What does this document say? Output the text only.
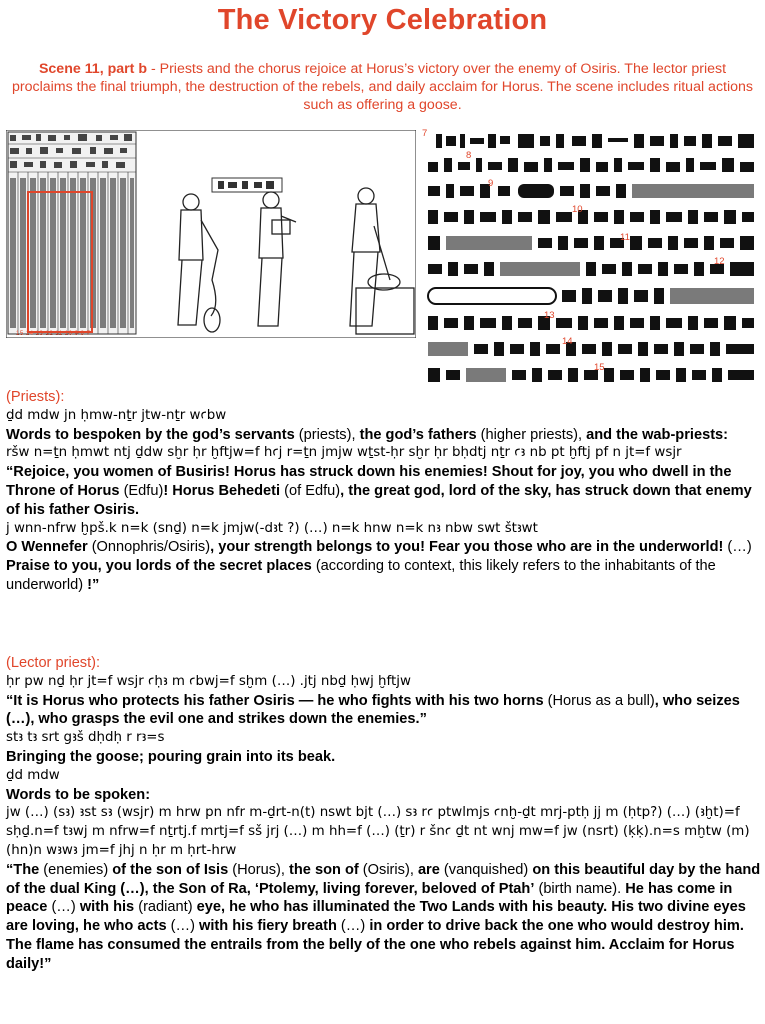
The Victory Celebration
Scene 11, part b - Priests and the chorus rejoice at Horus’s victory over the enemy of Osiris. The lector priest proclaims the final triumph, the destruction of the rebels, and daily acclaim for Horus. The scene includes ritual actions such as offering a goose.
15 14 13 12 11 10 9 8 7
7
8
9
10
11
12
13
14
15
(Priests):
ḏd mdw jn ḥmw-nṯr jtw-nṯr wꜥbw
Words to bespoken by the god’s servants (priests), the god’s fathers (higher priests), and the wab-priests:
ršw n=ṯn ḥmwt ntj ḏdw sḫr ḥr ḫftjw=f hꜥj r=ṯn jmjw wṯst-ḥr sḫr ḥr bḥdtj nṯr ꜥꜣ nb pt ḫftj pf n jt=f wsjr
“Rejoice, you women of Busiris! Horus has struck down his enemies! Shout for joy, you who dwell in the Throne of Horus (Edfu)! Horus Behedeti (of Edfu), the great god, lord of the sky, has struck down that enemy of his father Osiris.
j wnn-nfrw ḫpš.k n=k (snḏ) n=k jmjw(-dꜣt ?) (…) n=k hnw n=k nꜣ nbw swt štꜣwt
O Wennefer (Onnophris/Osiris), your strength belongs to you! Fear you those who are in the underworld! (…) Praise to you, you lords of the secret places (according to context, this likely refers to the inhabitants of the underworld) !”
(Lector priest):
ḥr pw nḏ ḥr jt=f wsjr ꜥḥꜣ m ꜥbwj=f sḫm (…) .jtj nbḏ ḥwj ḫftjw
“It is Horus who protects his father Osiris — he who fights with his two horns (Horus as a bull), who seizes (…), who grasps the evil one and strikes down the enemies.”
stꜣ tꜣ srt gꜣš dḥdḥ r rꜣ=s
Bringing the goose; pouring grain into its beak.
ḏd mdw
Words to be spoken:
jw (…) (sꜣ) ꜣst sꜣ (wsjr) m hrw pn nfr m-ḏrt-n(t) nswt bjt (…) sꜣ rꜥ ptwlmjs ꜥnḫ-ḏt mrj-ptḥ jj m (ḥtp?) (…) (ꜣḫt)=f sḥḏ.n=f tꜣwj m nfrw=f nṯrtj.f mrtj=f sš jrj (…) m hh=f (…) (ṯr) r šnꜥ ḏt nt wnj mw=f jw (nsrt) (ḳḳ).n=s mḫtw (m) (hn)n wꜣwꜣ jm=f jhj n ḥr m ḥrt-hrw
“The (enemies) of the son of Isis (Horus), the son of (Osiris), are (vanquished) on this beautiful day by the hand of the dual King (…), the Son of Ra, ‘Ptolemy, living forever, beloved of Ptah’ (birth name). He has come in peace (…) with his (radiant) eye, he who has illuminated the Two Lands with his beauty. His two divine eyes are loving, he who acts (…) with his fiery breath (…) in order to drive back the one who would destroy him. The flame has consumed the entrails from the belly of the one who rebels against him. Acclaim for Horus daily!”
